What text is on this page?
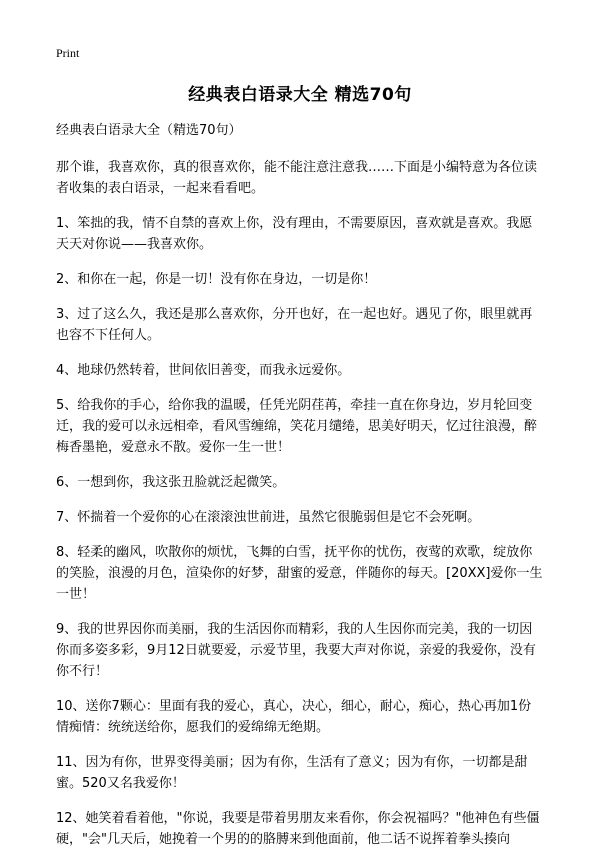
Print
经典表白语录大全 精选70句

经典表白语录大全（精选70句）

那个谁，我喜欢你，真的很喜欢你，能不能注意注意我……下面是小编特意为各位读者收集的表白语录，一起来看看吧。

1、笨拙的我，情不自禁的喜欢上你，没有理由，不需要原因，喜欢就是喜欢。我愿天天对你说——我喜欢你。

2、和你在一起，你是一切！没有你在身边，一切是你！

3、过了这么久，我还是那么喜欢你，分开也好，在一起也好。遇见了你，眼里就再也容不下任何人。

4、地球仍然转着，世间依旧善变，而我永远爱你。

5、给我你的手心，给你我的温暖，任凭光阴荏苒，牵挂一直在你身边，岁月轮回变迁，我的爱可以永远相牵，看风雪缠绵，笑花月缱绻，思美好明天，忆过往浪漫，醉梅香墨艳，爱意永不散。爱你一生一世！

6、一想到你，我这张丑脸就泛起微笑。

7、怀揣着一个爱你的心在滚滚浊世前进，虽然它很脆弱但是它不会死啊。

8、轻柔的幽风，吹散你的烦忧，飞舞的白雪，抚平你的忧伤，夜莺的欢歌，绽放你的笑脸，浪漫的月色，渲染你的好梦，甜蜜的爱意，伴随你的每天。[20XX]爱你一生一世！

9、我的世界因你而美丽，我的生活因你而精彩，我的人生因你而完美，我的一切因你而多姿多彩，9月12日就要爱，示爱节里，我要大声对你说，亲爱的我爱你，没有你不行！

10、送你7颗心：里面有我的爱心，真心，决心，细心，耐心，痴心，热心再加1份情痴情：统统送给你，愿我们的爱绵绵无绝期。

11、因为有你，世界变得美丽；因为有你，生活有了意义；因为有你，一切都是甜蜜。520又名我爱你！

12、她笑着看着他，"你说，我要是带着男朋友来看你，你会祝福吗？"他神色有些僵硬，"会"几天后，她挽着一个男的的胳膊来到他面前，他二话不说挥着拳头揍向
